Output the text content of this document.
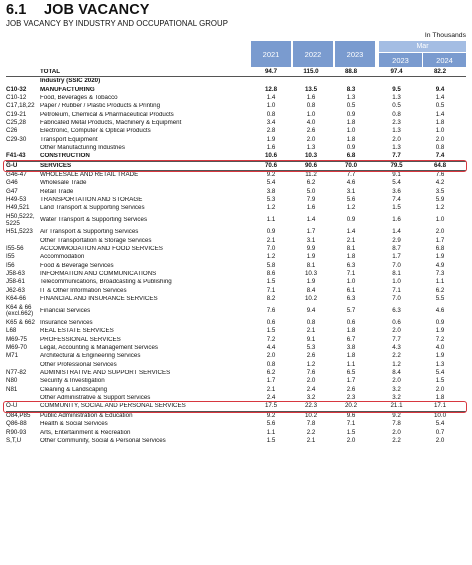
6.1 JOB VACANCY
JOB VACANCY BY INDUSTRY AND OCCUPATIONAL GROUP
In Thousands
2021	2022	2023
Mar
2023	2024
TOTAL	94.7	115.0	88.8	97.4	82.2
Industry (SSIC 2020)
C10-32	MANUFACTURING	12.8	13.5	8.3	9.5	9.4
C10-12	Food, Beverages & Tobacco	1.4	1.6	1.3	1.3	1.4
C17,18,22 Paper / Rubber / Plastic Products & Printing	1.0	0.8	0.5	0.5	0.5
C19-21	Petroleum, Chemical & Pharmaceutical Products	0.8	1.0	0.9	0.8	1.4
C25,28	Fabricated Metal Products, Machinery & Equipment	3.4	4.0	1.8	2.3	1.8
C26	Electronic, Computer & Optical Products	2.8	2.6	1.0	1.3	1.0
C29-30	Transport Equipment	1.9	2.0	1.8	2.0	2.0
Other Manufacturing Industries	1.6	1.3	0.9	1.3	0.8
F41-43	CONSTRUCTION	10.6	10.3	6.8	7.7	7.4
G-U	SERVICES	70.6	90.6	70.0	79.5	64.8
G46-47	WHOLESALE AND RETAIL TRADE	9.2	11.2	7.7	9.1	7.6
G46	Wholesale Trade	5.4	6.2	4.6	5.4	4.2
G47	Retail Trade	3.8	5.0	3.1	3.6	3.5
H49-53	TRANSPORTATION AND STORAGE	5.3	7.9	5.6	7.4	5.9
H49,521	Land Transport & Supporting Services	1.2	1.6	1.2	1.5	1.2
H50,5222,
5225	Water Transport & Supporting Services	1.1	1.4	0.9	1.6	1.0
H51,5223	Air Transport & Supporting Services	0.9	1.7	1.4	1.4	2.0
Other Transportation & Storage Services	2.1	3.1	2.1	2.9	1.7
I55-56	ACCOMMODATION AND FOOD SERVICES	7.0	9.9	8.1	8.7	6.8
I55	Accommodation	1.2	1.9	1.8	1.7	1.9
I56	Food & Beverage Services	5.8	8.1	6.3	7.0	4.9
J58-63	INFORMATION AND COMMUNICATIONS	8.6	10.3	7.1	8.1	7.3
J58-61	Telecommunications, Broadcasting & Publishing	1.5	1.9	1.0	1.0	1.1
J62-63	IT & Other Information Services	7.1	8.4	6.1	7.1	6.2
K64-66	FINANCIAL AND INSURANCE SERVICES	8.2	10.2	6.3	7.0	5.5
K64 & 66
(excl.662)	Financial Services	7.6	9.4	5.7	6.3	4.6
K65 & 662 Insurance Services	0.6	0.8	0.6	0.6	0.9
L68	REAL ESTATE SERVICES	1.5	2.1	1.8	2.0	1.9
M69-75	PROFESSIONAL SERVICES	7.2	9.1	6.7	7.7	7.2
M69-70	Legal, Accounting & Management Services	4.4	5.3	3.8	4.3	4.0
M71	Architectural & Engineering Services	2.0	2.6	1.8	2.2	1.9
Other Professional Services	0.8	1.2	1.1	1.2	1.3
N77-82	ADMINISTRATIVE AND SUPPORT SERVICES	6.2	7.6	6.5	8.4	5.4
N80	Security & Investigation	1.7	2.0	1.7	2.0	1.5
N81	Cleaning & Landscaping	2.1	2.4	2.6	3.2	2.0
Other Administrative & Support Services	2.4	3.2	2.3	3.2	1.8
O-U	COMMUNITY, SOCIAL AND PERSONAL SERVICES	17.5	22.3	20.2	21.1	17.1
O84,P85	Public Administration & Education	9.2	10.2	9.6	9.2	10.0
Q86-88	Health & Social Services	5.6	7.8	7.1	7.8	5.4
R90-93	Arts, Entertainment & Recreation	1.1	2.2	1.5	2.0	0.7
S,T,U	Other Community, Social & Personal Services	1.5	2.1	2.0	2.2	2.0
